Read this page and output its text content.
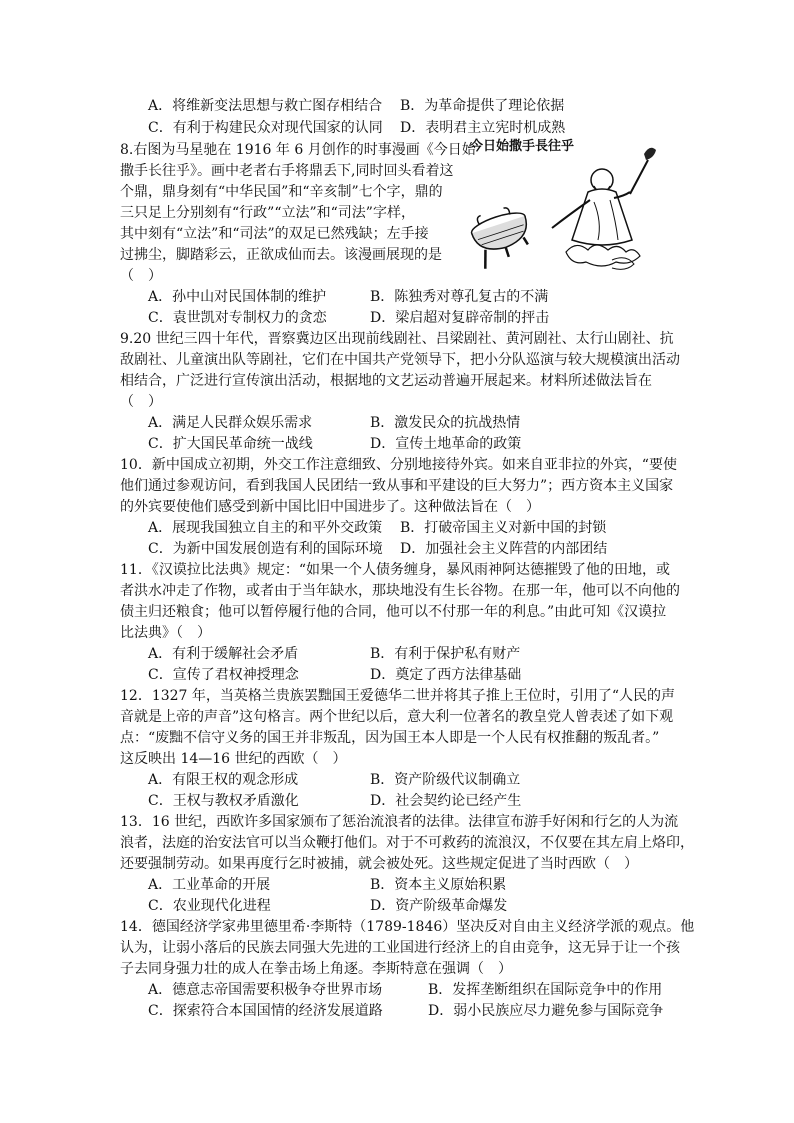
A．将维新变法思想与救亡图存相结合 B．为革命提供了理论依据
C．有利于构建民众对现代国家的认同 D．表明君主立宪时机成熟
8.右图为马星驰在 1916 年 6 月创作的时事漫画《今日始
撒手长往乎》。画中老者右手将鼎丢下,同时回头看着这
个鼎，鼎身刻有“中华民国”和“辛亥制”七个字，鼎的
三只足上分别刻有“行政”“立法”和“司法”字样，
其中刻有“立法”和“司法”的双足已然残缺；左手接
过拂尘，脚踏彩云，正欲成仙而去。该漫画展现的是
（　）
今日始撒手長往乎
A．孙中山对民国体制的维护	B．陈独秀对尊孔复古的不满
C．袁世凯对专制权力的贪恋	D．梁启超对复辟帝制的抨击
9.20 世纪三四十年代，晋察冀边区出现前线剧社、吕梁剧社、黄河剧社、太行山剧社、抗
敌剧社、儿童演出队等剧社，它们在中国共产党领导下，把小分队巡演与较大规模演出活动
相结合，广泛进行宣传演出活动，根据地的文艺运动普遍开展起来。材料所述做法旨在
（　）
A．满足人民群众娱乐需求	B．激发民众的抗战热情
C．扩大国民革命统一战线	D．宣传土地革命的政策
10．新中国成立初期，外交工作注意细致、分别地接待外宾。如来自亚非拉的外宾，“要使
他们通过参观访问，看到我国人民团结一致从事和平建设的巨大努力”；西方资本主义国家
的外宾要使他们感受到新中国比旧中国进步了。这种做法旨在（　）
A．展现我国独立自主的和平外交政策 B．打破帝国主义对新中国的封锁
C．为新中国发展创造有利的国际环境 D．加强社会主义阵营的内部团结
11．《汉谟拉比法典》规定：“如果一个人债务缠身，暴风雨神阿达德摧毁了他的田地，或
者洪水冲走了作物，或者由于当年缺水，那块地没有生长谷物。在那一年，他可以不向他的
债主归还粮食；他可以暂停履行他的合同，他可以不付那一年的利息。”由此可知《汉谟拉
比法典》（　）
A．有利于缓解社会矛盾	B．有利于保护私有财产
C．宣传了君权神授理念	D．奠定了西方法律基础
12．1327 年，当英格兰贵族罢黜国王爱德华二世并将其子推上王位时，引用了“人民的声
音就是上帝的声音”这句格言。两个世纪以后，意大利一位著名的教皇党人曾表述了如下观
点：“废黜不信守义务的国王并非叛乱，因为国王本人即是一个人民有权推翻的叛乱者。”
这反映出 14—16 世纪的西欧（　）
A．有限王权的观念形成	B．资产阶级代议制确立
C．王权与教权矛盾激化	D．社会契约论已经产生
13．16 世纪，西欧许多国家颁布了惩治流浪者的法律。法律宣布游手好闲和行乞的人为流
浪者，法庭的治安法官可以当众鞭打他们。对于不可救药的流浪汉，不仅要在其左肩上烙印，
还要强制劳动。如果再度行乞时被捕，就会被处死。这些规定促进了当时西欧（　）
A．工业革命的开展	B．资本主义原始积累
C．农业现代化进程	D．资产阶级革命爆发
14．德国经济学家弗里德里希·李斯特（1789-1846）坚决反对自由主义经济学派的观点。他
认为，让弱小落后的民族去同强大先进的工业国进行经济上的自由竞争，这无异于让一个孩
子去同身强力壮的成人在拳击场上角逐。李斯特意在强调（　）
A．德意志帝国需要积极争夺世界市场	B．发挥垄断组织在国际竞争中的作用
C．探索符合本国国情的经济发展道路	D．弱小民族应尽力避免参与国际竞争
